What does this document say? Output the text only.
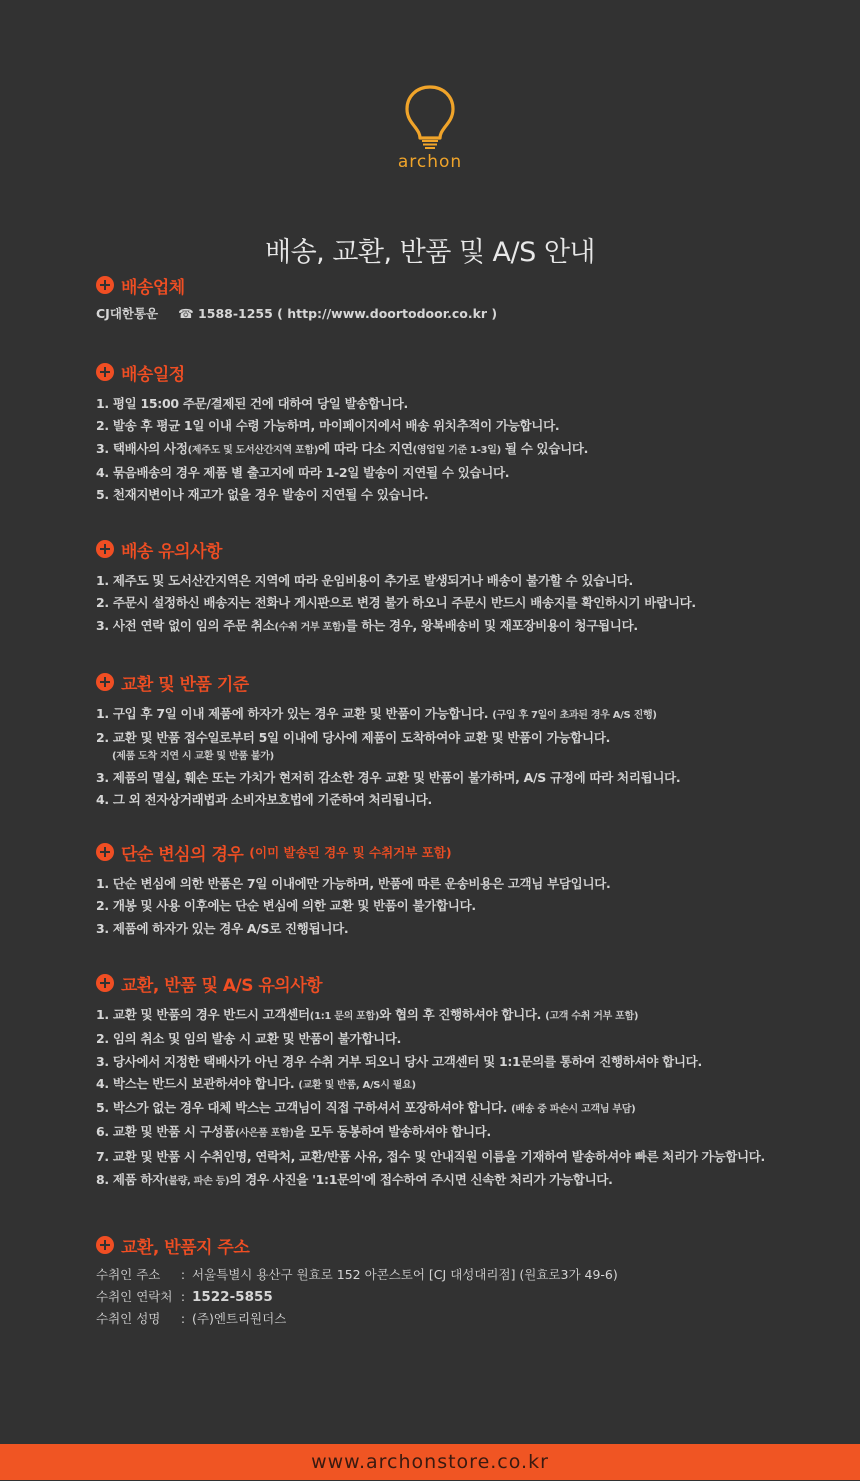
archon
배송, 교환, 반품 및 A/S 안내
배송업체
CJ대한통운 ☎ 1588-1255 ( http://www.doortodoor.co.kr )
배송일정
1. 평일 15:00 주문/결제된 건에 대하여 당일 발송합니다.
2. 발송 후 평균 1일 이내 수령 가능하며, 마이페이지에서 배송 위치추적이 가능합니다.
3. 택배사의 사정(제주도 및 도서산간지역 포함)에 따라 다소 지연(영업일 기준 1-3일) 될 수 있습니다.
4. 묶음배송의 경우 제품 별 출고지에 따라 1-2일 발송이 지연될 수 있습니다.
5. 천재지변이나 재고가 없을 경우 발송이 지연될 수 있습니다.
배송 유의사항
1. 제주도 및 도서산간지역은 지역에 따라 운임비용이 추가로 발생되거나 배송이 불가할 수 있습니다.
2. 주문시 설정하신 배송지는 전화나 게시판으로 변경 불가 하오니 주문시 반드시 배송지를 확인하시기 바랍니다.
3. 사전 연락 없이 임의 주문 취소(수취 거부 포함)를 하는 경우, 왕복배송비 및 재포장비용이 청구됩니다.
교환 및 반품 기준
1. 구입 후 7일 이내 제품에 하자가 있는 경우 교환 및 반품이 가능합니다. (구입 후 7일이 초과된 경우 A/S 진행)
2. 교환 및 반품 접수일로부터 5일 이내에 당사에 제품이 도착하여야 교환 및 반품이 가능합니다.
(제품 도착 지연 시 교환 및 반품 불가)
3. 제품의 멸실, 훼손 또는 가치가 현저히 감소한 경우 교환 및 반품이 불가하며, A/S 규정에 따라 처리됩니다.
4. 그 외 전자상거래법과 소비자보호법에 기준하여 처리됩니다.
단순 변심의 경우 (이미 발송된 경우 및 수취거부 포함)
1. 단순 변심에 의한 반품은 7일 이내에만 가능하며, 반품에 따른 운송비용은 고객님 부담입니다.
2. 개봉 및 사용 이후에는 단순 변심에 의한 교환 및 반품이 불가합니다.
3. 제품에 하자가 있는 경우 A/S로 진행됩니다.
교환, 반품 및 A/S 유의사항
1. 교환 및 반품의 경우 반드시 고객센터(1:1 문의 포함)와 협의 후 진행하셔야 합니다. (고객 수취 거부 포함)
2. 임의 취소 및 임의 발송 시 교환 및 반품이 불가합니다.
3. 당사에서 지정한 택배사가 아닌 경우 수취 거부 되오니 당사 고객센터 및 1:1문의를 통하여 진행하셔야 합니다.
4. 박스는 반드시 보관하셔야 합니다. (교환 및 반품, A/S시 필요)
5. 박스가 없는 경우 대체 박스는 고객님이 직접 구하셔서 포장하셔야 합니다. (배송 중 파손시 고객님 부담)
6. 교환 및 반품 시 구성품(사은품 포함)을 모두 동봉하여 발송하셔야 합니다.
7. 교환 및 반품 시 수취인명, 연락처, 교환/반품 사유, 접수 및 안내직원 이름을 기재하여 발송하셔야 빠른 처리가 가능합니다.
8. 제품 하자(불량, 파손 등)의 경우 사진을 '1:1문의'에 접수하여 주시면 신속한 처리가 가능합니다.
교환, 반품지 주소
수취인 주소 : 서울특별시 용산구 원효로 152 아콘스토어 [CJ 대성대리점] (원효로3가 49-6)
수취인 연락처 : 1522-5855
수취인 성명 : (주)엔트리원더스
www.archonstore.co.kr
